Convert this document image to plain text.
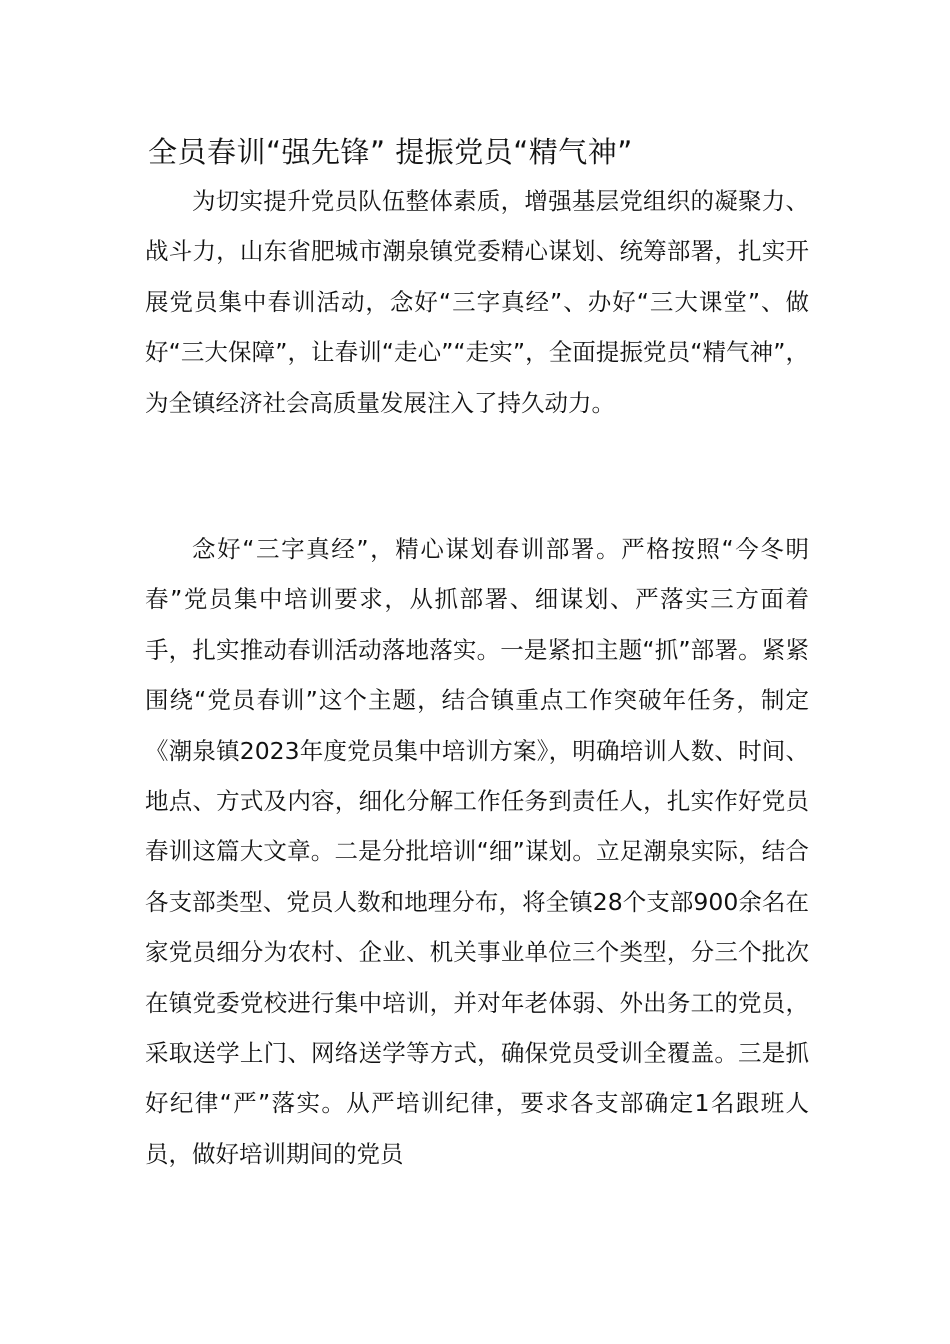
全员春训“强先锋” 提振党员“精气神”

为切实提升党员队伍整体素质，增强基层党组织的凝聚力、战斗力，山东省肥城市潮泉镇党委精心谋划、统筹部署，扎实开展党员集中春训活动，念好“三字真经”、办好“三大课堂”、做好“三大保障”，让春训“走心”“走实”，全面提振党员“精气神”，为全镇经济社会高质量发展注入了持久动力。

念好“三字真经”，精心谋划春训部署。严格按照“今冬明春”党员集中培训要求，从抓部署、细谋划、严落实三方面着手，扎实推动春训活动落地落实。一是紧扣主题“抓”部署。紧紧围绕“党员春训”这个主题，结合镇重点工作突破年任务，制定《潮泉镇2023年度党员集中培训方案》，明确培训人数、时间、地点、方式及内容，细化分解工作任务到责任人，扎实作好党员春训这篇大文章。二是分批培训“细”谋划。立足潮泉实际，结合各支部类型、党员人数和地理分布，将全镇28个支部900余名在家党员细分为农村、企业、机关事业单位三个类型，分三个批次在镇党委党校进行集中培训，并对年老体弱、外出务工的党员，采取送学上门、网络送学等方式，确保党员受训全覆盖。三是抓好纪律“严”落实。从严培训纪律，要求各支部确定1名跟班人员，做好培训期间的党员
